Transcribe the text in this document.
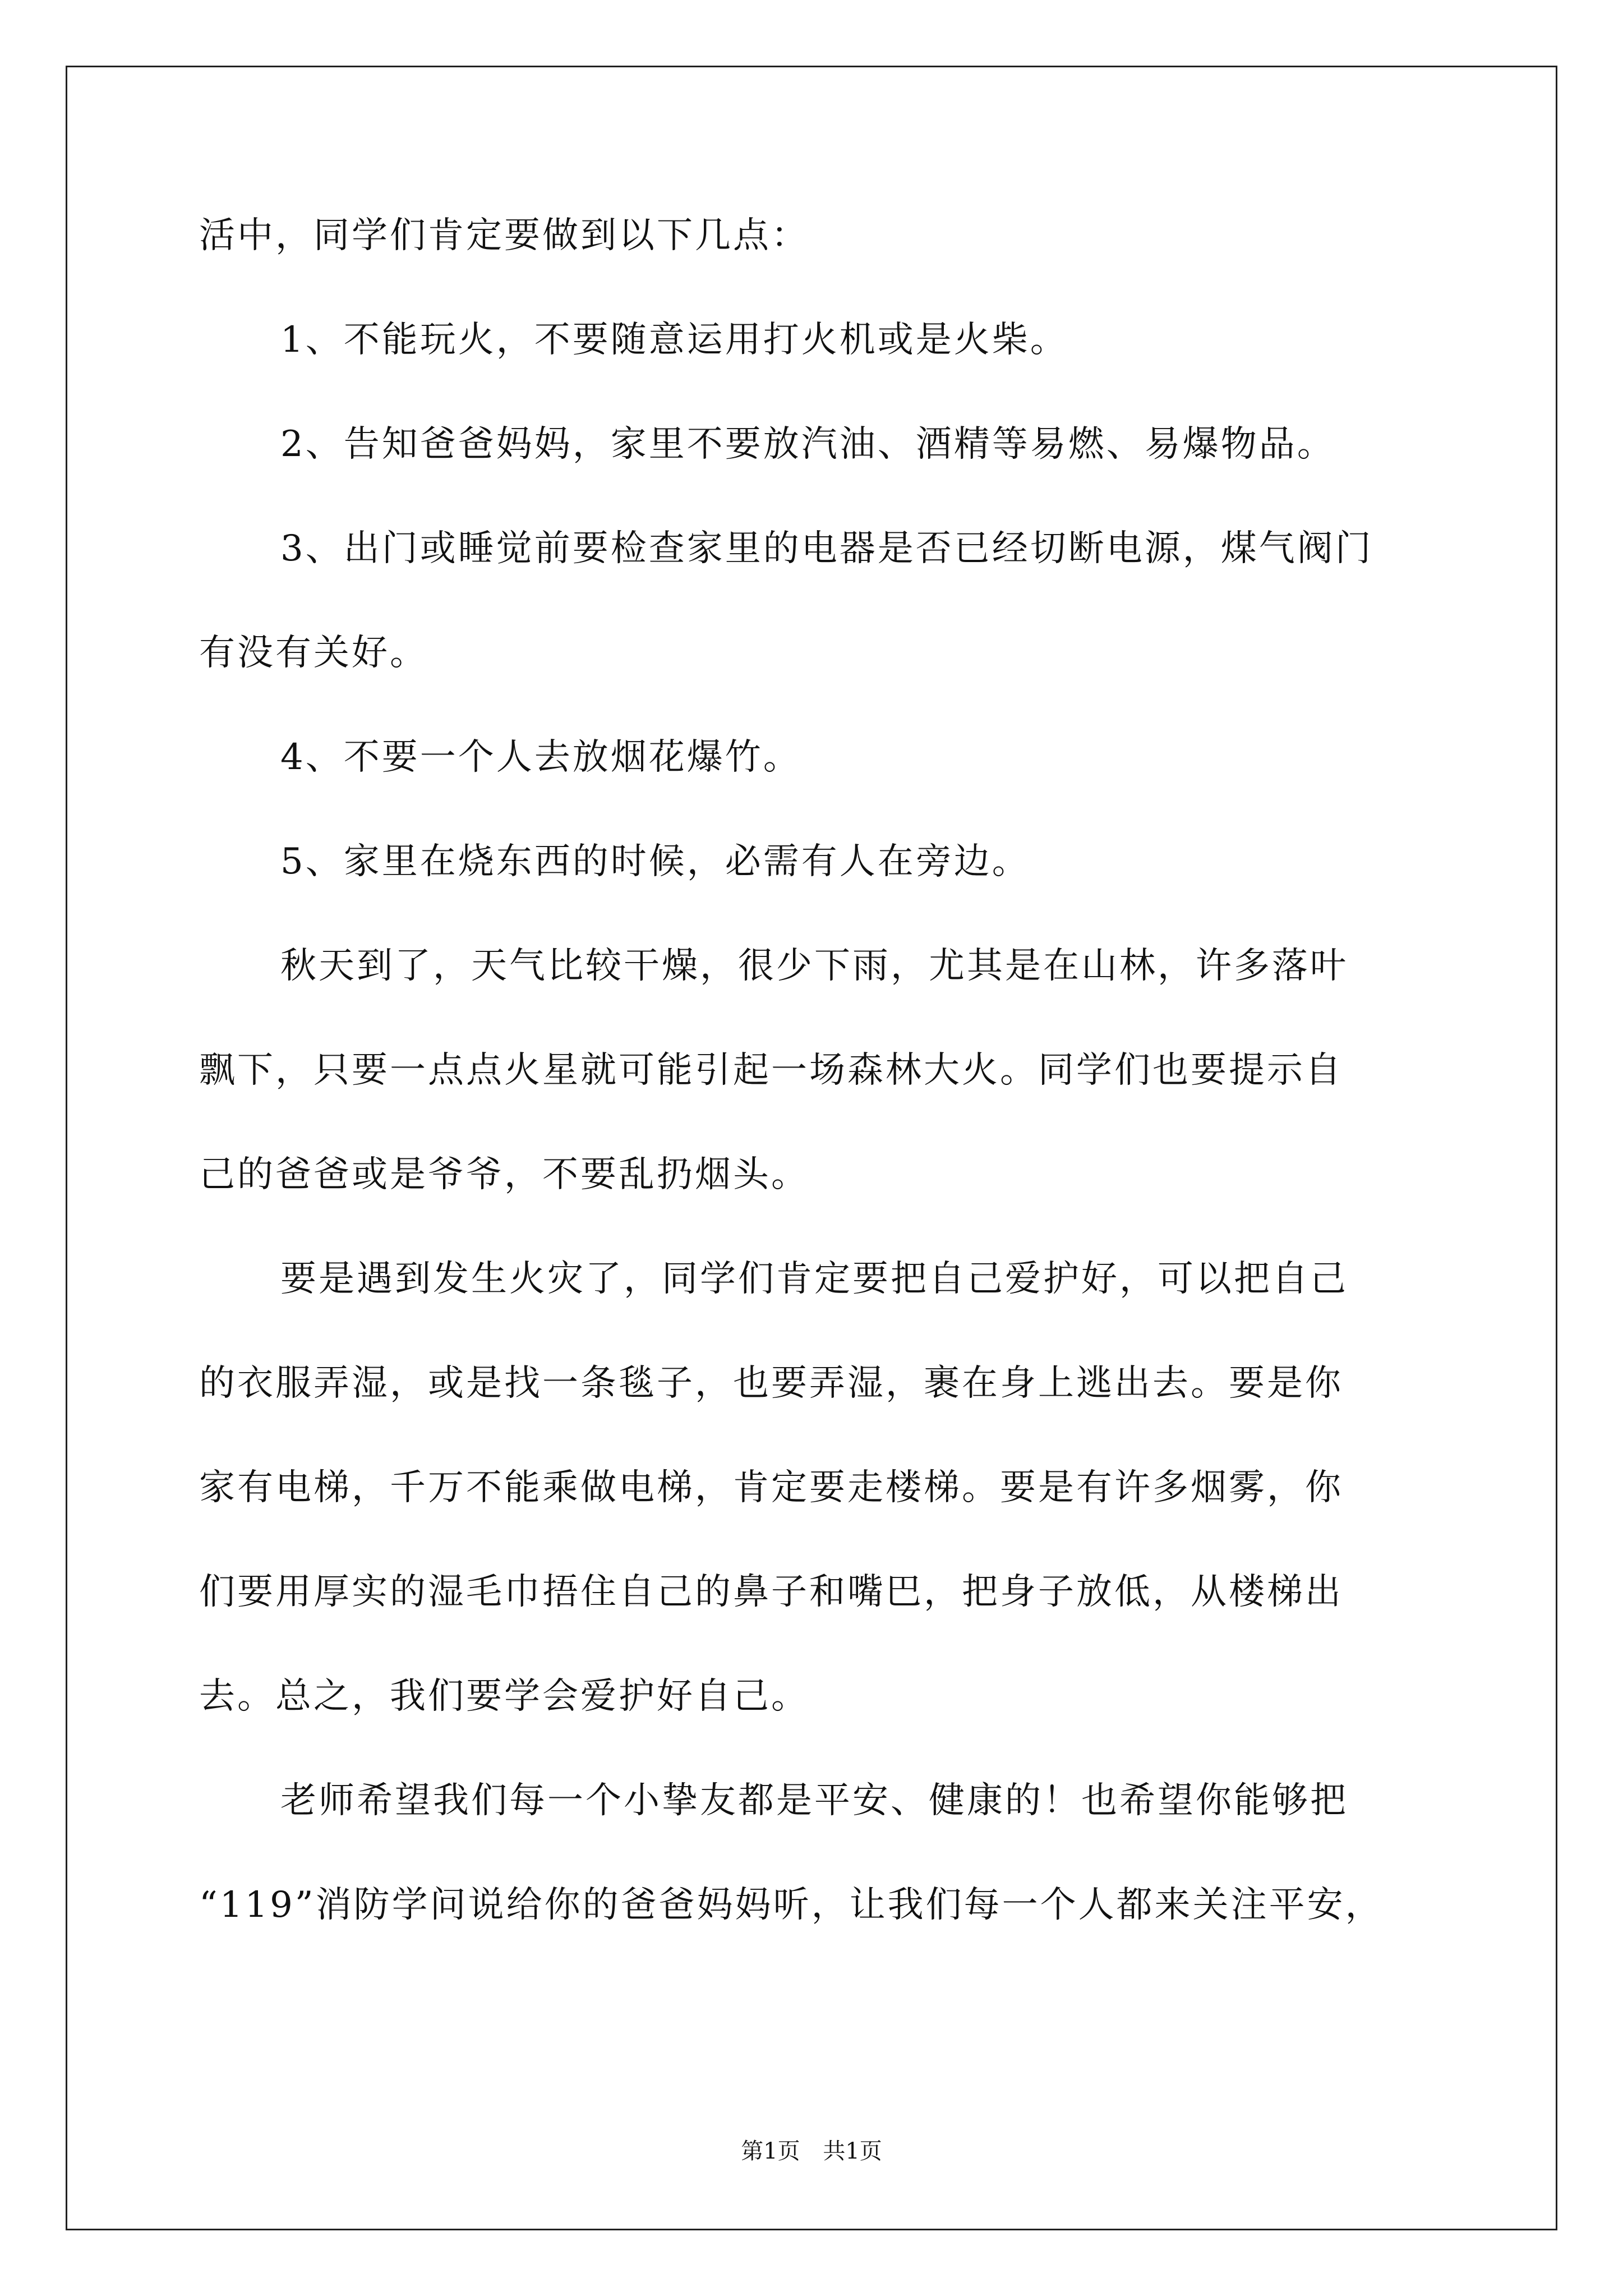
活中，同学们肯定要做到以下几点：
1、不能玩火，不要随意运用打火机或是火柴。
2、告知爸爸妈妈，家里不要放汽油、酒精等易燃、易爆物品。
3、出门或睡觉前要检查家里的电器是否已经切断电源，煤气阀门
有没有关好。
4、不要一个人去放烟花爆竹。
5、家里在烧东西的时候，必需有人在旁边。
秋天到了，天气比较干燥，很少下雨，尤其是在山林，许多落叶
飘下，只要一点点火星就可能引起一场森林大火。同学们也要提示自
己的爸爸或是爷爷，不要乱扔烟头。
要是遇到发生火灾了，同学们肯定要把自己爱护好，可以把自己
的衣服弄湿，或是找一条毯子，也要弄湿，裹在身上逃出去。要是你
家有电梯，千万不能乘做电梯，肯定要走楼梯。要是有许多烟雾，你
们要用厚实的湿毛巾捂住自己的鼻子和嘴巴，把身子放低，从楼梯出
去。总之，我们要学会爱护好自己。
老师希望我们每一个小挚友都是平安、健康的！也希望你能够把
“119”消防学问说给你的爸爸妈妈听，让我们每一个人都来关注平安，
第1页 共1页
